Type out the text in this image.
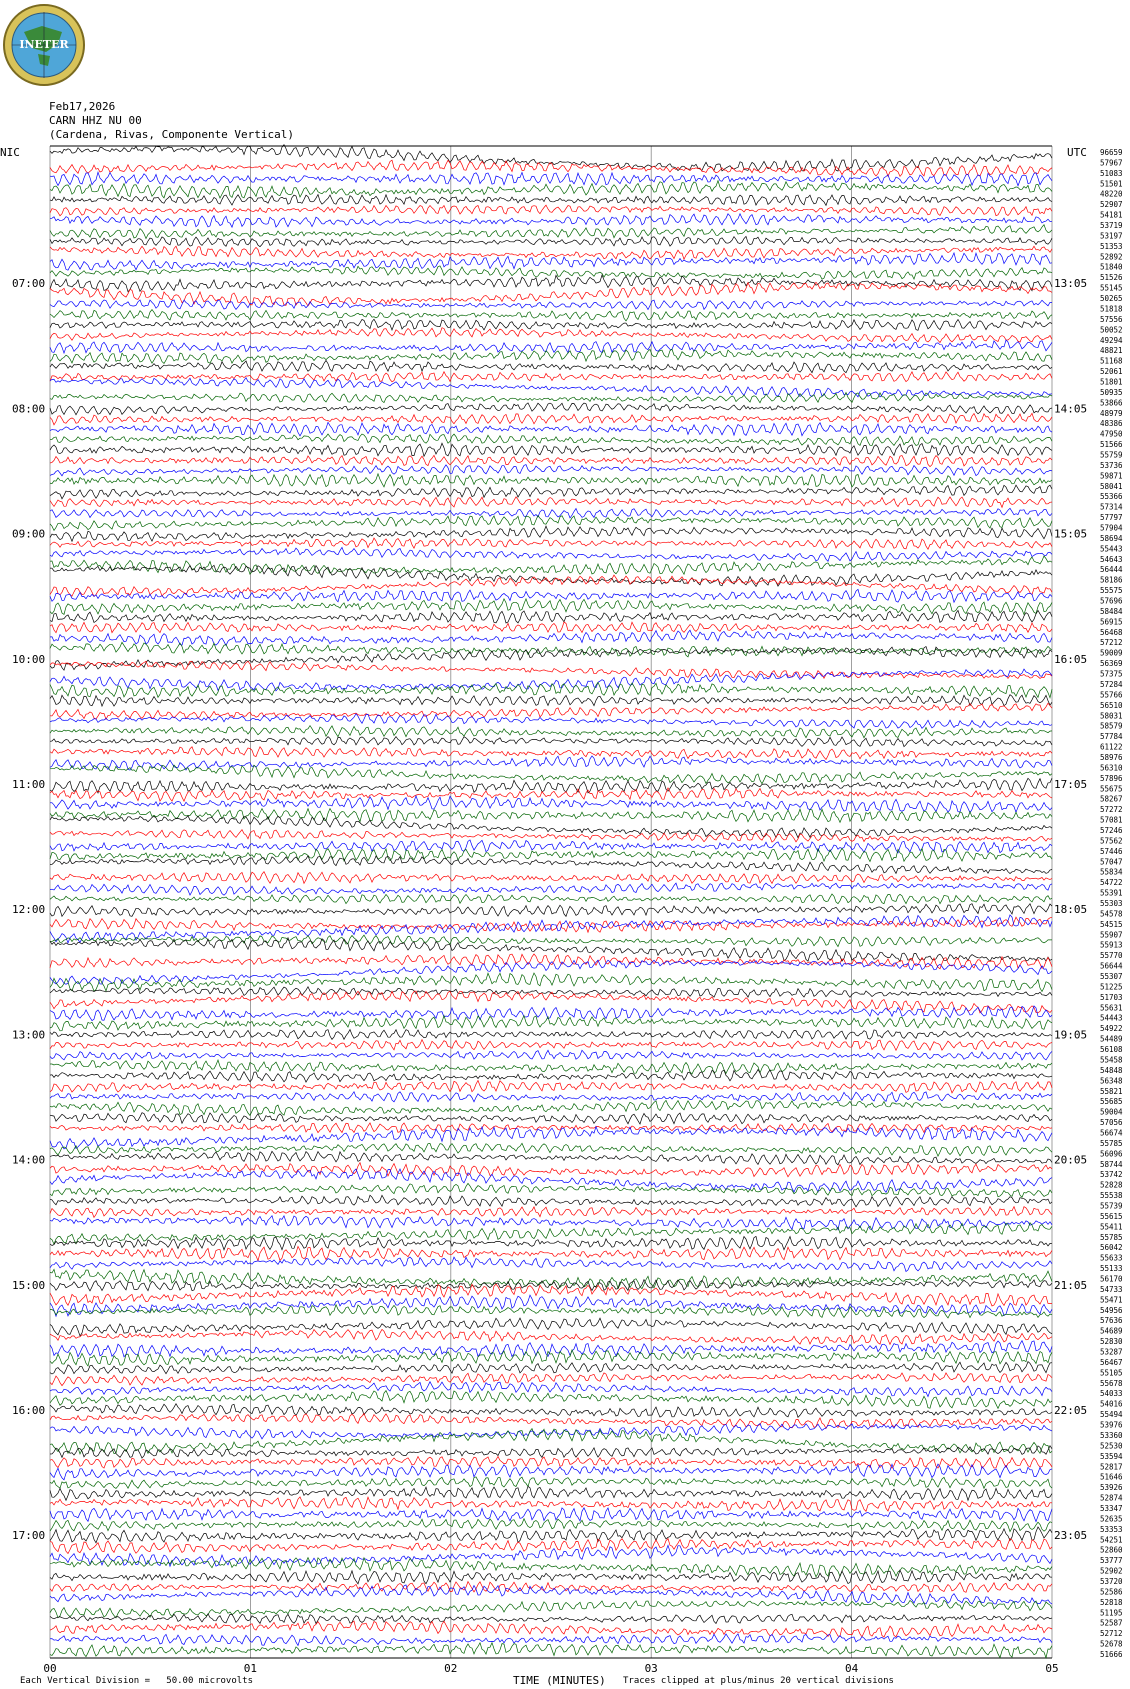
INETER
Feb17,2026
CARN HHZ NU 00
(Cardena, Rivas, Componente Vertical)
NIC	UTC
07:00
08:00
09:00
10:00
11:00
12:00
13:00
14:00
15:00
16:00
17:00
13:05
14:05
15:05
16:05
17:05
18:05
19:05
20:05
21:05
22:05
23:05
96659
57967
51083
51501
48220
52907
54181
53719
53197
51353
52892
51840
51526
55145
50265
51818
57556
50052
49294
48821
51168
52061
51801
50935
53866
48979
48386
47950
51566
55759
53736
59871
58041
55366
57314
57797
57904
58694
55443
54643
56444
58186
55575
57696
58484
56915
56468
57212
59009
56369
57375
57284
55766
56510
58031
58579
57784
61122
58976
56310
57896
55675
58267
57272
57081
57246
57562
57446
57047
55834
54722
55391
55303
54578
54515
55907
55913
55770
56644
55307
51225
51703
55631
54443
54922
54489
56108
55458
54848
56348
55821
55685
59004
57056
56674
55785
56096
58744
53742
52828
55538
55739
55615
55411
55785
56042
55633
55133
56170
54733
55471
54956
57636
54689
52830
53287
56467
55105
55678
54033
54016
55494
53976
53360
52530
53594
52817
51646
53926
52874
53347
52635
53353
54251
52860
53777
52902
53720
52586
52818
51195
52587
52712
52678
51666
00	01	02	03	04	05
Each Vertical Division =   50.00 microvolts	TIME (MINUTES) Traces clipped at plus/minus 20 vertical divisions
